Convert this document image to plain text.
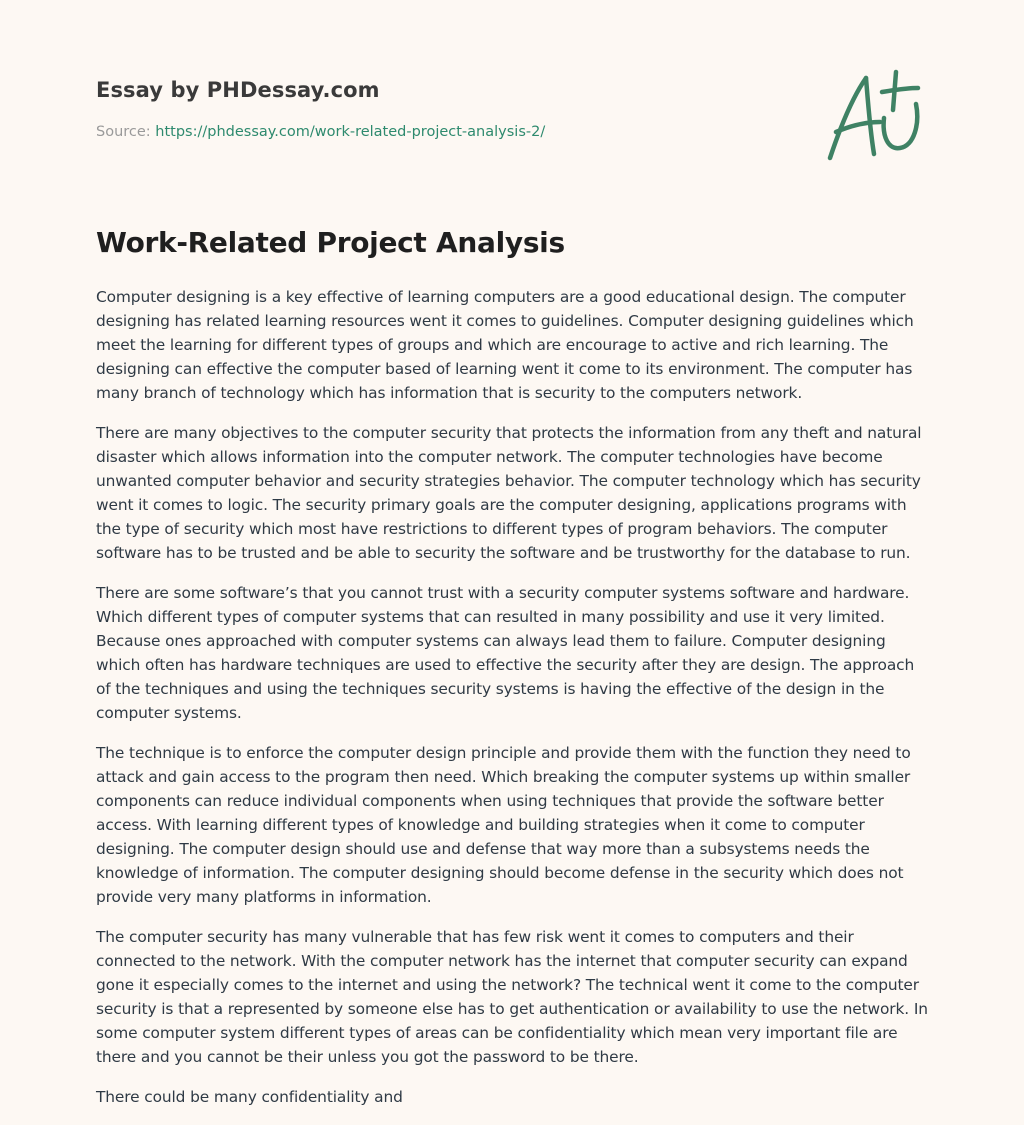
Essay by PHDessay.com

Source: https://phdessay.com/work-related-project-analysis-2/

Work-Related Project Analysis

Computer designing is a key effective of learning computers are a good educational design. The computer designing has related learning resources went it comes to guidelines. Computer designing guidelines which meet the learning for different types of groups and which are encourage to active and rich learning. The designing can effective the computer based of learning went it come to its environment. The computer has many branch of technology which has information that is security to the computers network.

There are many objectives to the computer security that protects the information from any theft and natural disaster which allows information into the computer network. The computer technologies have become unwanted computer behavior and security strategies behavior. The computer technology which has security went it comes to logic. The security primary goals are the computer designing, applications programs with the type of security which most have restrictions to different types of program behaviors. The computer software has to be trusted and be able to security the software and be trustworthy for the database to run.

There are some software’s that you cannot trust with a security computer systems software and hardware. Which different types of computer systems that can resulted in many possibility and use it very limited. Because ones approached with computer systems can always lead them to failure. Computer designing which often has hardware techniques are used to effective the security after they are design. The approach of the techniques and using the techniques security systems is having the effective of the design in the computer systems.

The technique is to enforce the computer design principle and provide them with the function they need to attack and gain access to the program then need. Which breaking the computer systems up within smaller components can reduce individual components when using techniques that provide the software better access. With learning different types of knowledge and building strategies when it come to computer designing. The computer design should use and defense that way more than a subsystems needs the knowledge of information. The computer designing should become defense in the security which does not provide very many platforms in information.

The computer security has many vulnerable that has few risk went it comes to computers and their connected to the network. With the computer network has the internet that computer security can expand gone it especially comes to the internet and using the network? The technical went it come to the computer security is that a represented by someone else has to get authentication or availability to use the network. In some computer system different types of areas can be confidentiality which mean very important file are there and you cannot be their unless you got the password to be there.

There could be many confidentiality and
